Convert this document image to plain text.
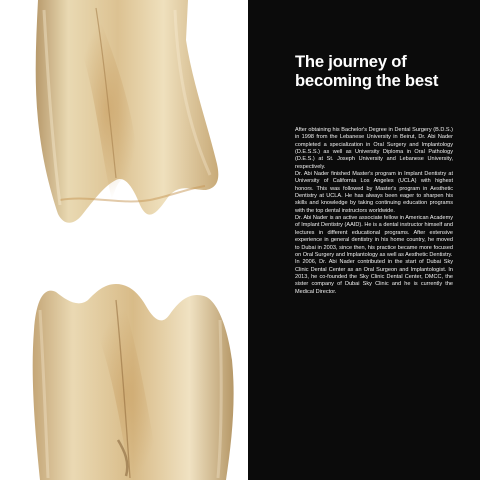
The journey of becoming the best

After obtaining his Bachelor's Degree in Dental Surgery (B.D.S.) in 1998 from the Lebanese University in Beirut, Dr. Abi Nader completed a specialization in Oral Surgery and Implantology (D.E.S.S.) as well as University Diploma in Oral Pathology (D.E.S.) at St. Joseph University and Lebanese University, respectively.

Dr. Abi Nader finished Master's program in Implant Dentistry at University of California Los Angeles (UCLA) with highest honors. This was followed by Master's program in Aesthetic Dentistry at UCLA. He has always been eager to sharpen his skills and knowledge by taking continuing education programs with the top dental instructors worldwide.

Dr. Abi Nader is an active associate fellow in American Academy of Implant Dentistry (AAID). He is a dental instructor himself and lectures in different educational programs. After extensive experience in general dentistry in his home country, he moved to Dubai in 2003, since then, his practice became more focused on Oral Surgery and Implantology as well as Aesthetic Dentistry.

In 2006, Dr. Abi Nader contributed in the start of Dubai Sky Clinic Dental Center as an Oral Surgeon and Implantologist. In 2013, he co-founded the Sky Clinic Dental Center, DMCC, the sister company of Dubai Sky Clinic and he is currently the Medical Director.
